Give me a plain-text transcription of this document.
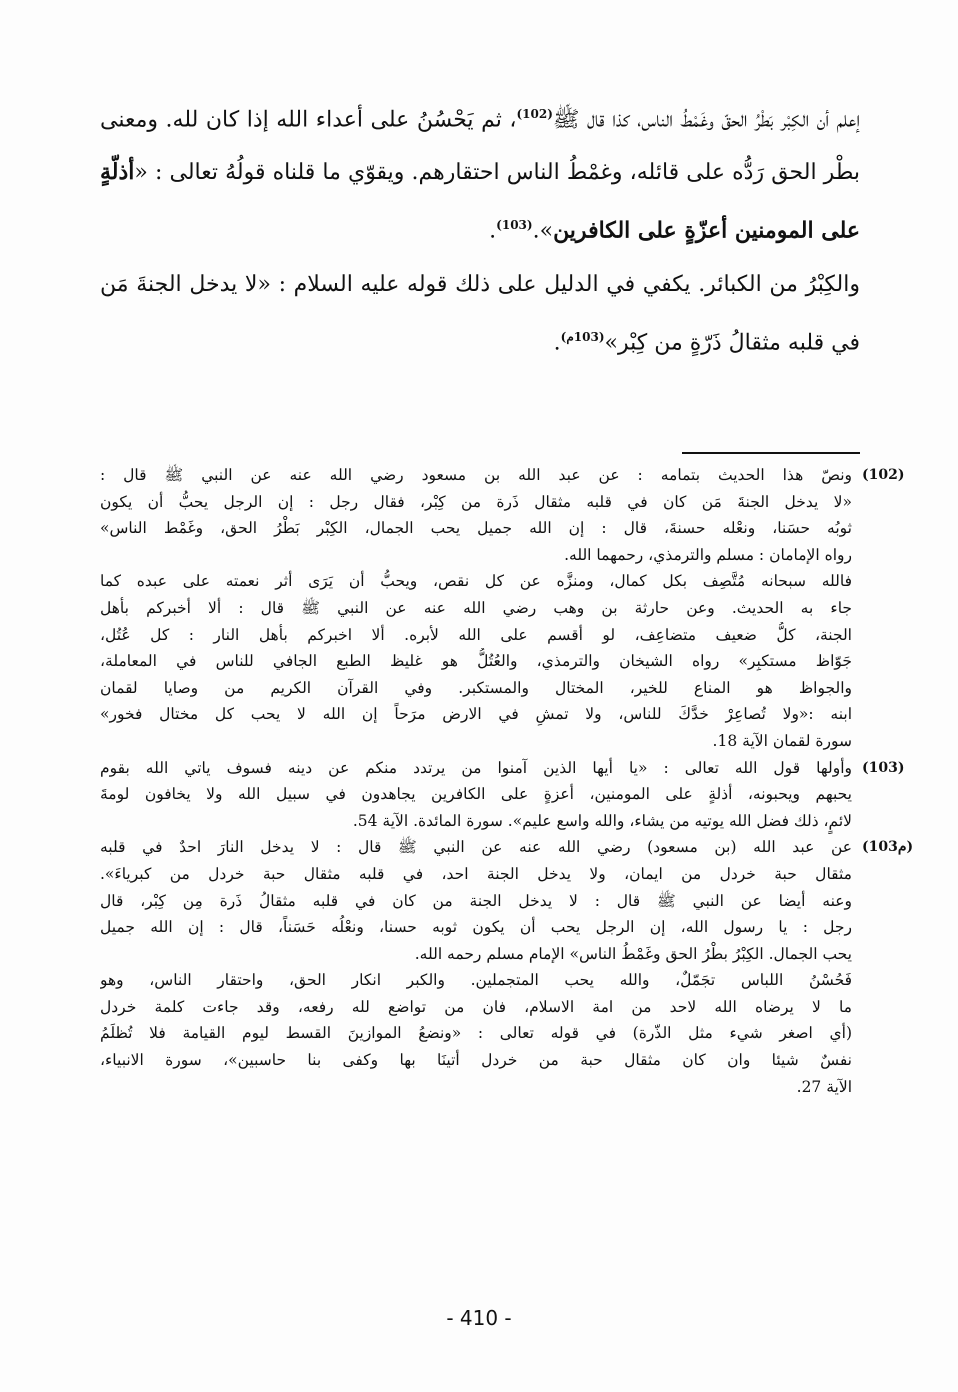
إعلم أن الكِبْر بَطْرُ الحقّ وغَمْطُ الناس، كذا قال ﷺ$^{(102)}$، ثم يَحْسُنُ على أعداء الله إذا كان لله. ومعنى بطْر الحق رَدُّه على قائله، وغمْطُ الناس احتقارهم. ويقوّي ما قلناه قولُهُ تعالى : «أذلّةٍ على المومنين أعزّةٍ على الكافرين».$^{(103)}$.

والكِبْرُ من الكبائر. يكفي في الدليل على ذلك قوله عليه السلام : «لا يدخل الجنةَ مَن في قلبه مثقالُ ذَرّةٍ من كِبْر»$^{(103م)}$.

(102)
ونصّ هذا الحديث بتمامه : عن عبد الله بن مسعود رضي الله عنه عن النبي ﷺ قال :
«لا يدخل الجنةَ مَن كان في قلبه مثقال ذَرة من كِبْر، فقال رجل : إن الرجل يحبُّ أن يكون
ثوبُه حسَنا، ونعْله حسنةَ، قال : إن الله جميل يحب الجمال، الكِبْر بَطْرُ الحق، وغَمْط الناس»
رواه الإمامان : مسلم والترمذي، رحمهما الله.
فالله سبحانه مُتَّصِف بكل كمال، ومنزَّه عن كل نقص، ويحبُّ أن يَرَى أثر نعمته على عبده كما
جاء به الحديث. وعن حارثة بن وهب رضي الله عنه عن النبي ﷺ قال : ألا أخبركم بأهل
الجنة، كلُّ ضعيف متضاعِف، لو أقسم على الله لأبره. ألا اخبركم بأهل النار : كل عُتُل،
جَوّاظ مستكبِر» رواه الشيخان والترمذي، والعُتُلُّ هو غليظ الطبع الجافي للناس في المعاملة،
والجواظ هو المناع للخير، المختال والمستكبر. وفي القرآن الكريم من وصايا لقمان
ابنه :«ولا تُصاعِرْ خدَّكَ للناس، ولا تمشِ في الارض مرَحاً إن الله لا يحب كل مختال فخور»
سورة لقمان الآية 18.
(103)
وأولها قول الله تعالى : «يا أيها الذين آمنوا من يرتدد منكم عن دينه فسوف ياتي الله بقوم
يحبهم ويحبونه، أذلةٍ على المومنين، أعزةٍ على الكافرين يجاهدون في سبيل الله ولا يخافون لومةَ
لائمٍ، ذلك فضل الله يوتيه من يشاء، والله واسع عليم». سورة المائدة. الآية 54.
(103م)
عن عبد الله (بن مسعود) رضي الله عنه عن النبي ﷺ قال : لا يدخل النارَ احدٌ في قلبه
مثقال حبة خردل من ايمان، ولا يدخل الجنة احد، في قلبه مثقال حبة خردل من كبرياءَ».
وعنه أيضا عن النبي ﷺ قال : لا يدخل الجنة من كان في قلبه مثقالُ ذَرة مِن كِبْر، قال
رجل : يا رسول الله، إن الرجل يحب أن يكون ثوبه حسنا، ونعْلُه حَسَناً، قال : إن الله جميل
يحب الجمال. الكِبْرُ بطْرُ الحق وغَمْطُ الناس» الإمام مسلم رحمه الله.
فَحُسْنُ اللباس تجَمّلٌ، والله يحب المتجملين. والكبر انكار الحق، واحتقار الناس، وهو
ما لا يرضاه الله لاحد من امة الاسلام، فان من تواضع لله رفعه، وقد جاءت كلمة خردل
(أي اصغر شيء مثل الذّرة) في قوله تعالى : «ونضعُ الموازينَ القسط ليوم القيامة فلا تُظلَمُ
نفسٌ شيئا وان كان مثقال حبة من خردل أتينَا بها وكفى بنا حاسبين»، سورة الانبياء،
الآية 27.
- 410 -
